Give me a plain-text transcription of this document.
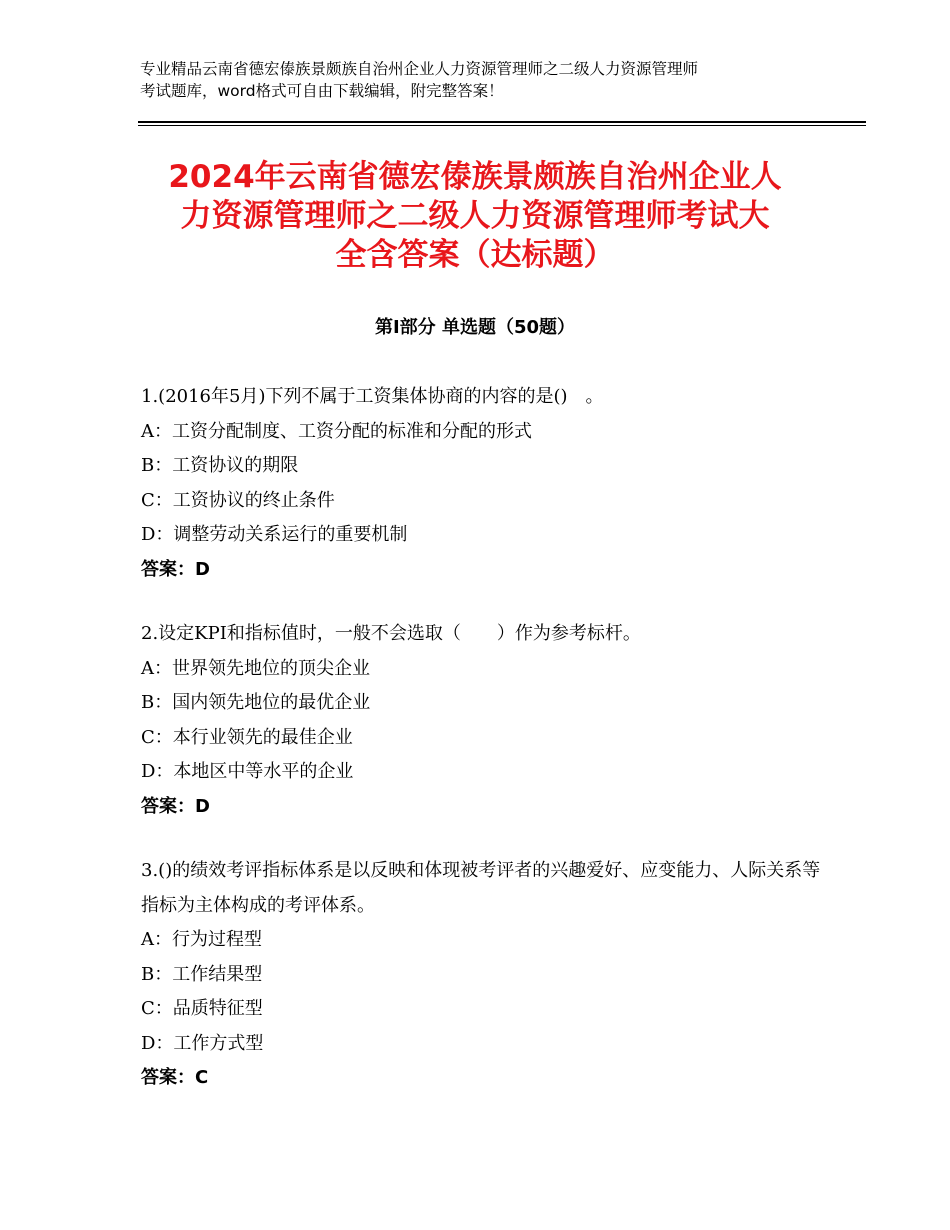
专业精品云南省德宏傣族景颇族自治州企业人力资源管理师之二级人力资源管理师
考试题库，word格式可自由下载编辑，附完整答案！
2024年云南省德宏傣族景颇族自治州企业人
力资源管理师之二级人力资源管理师考试大
全含答案（达标题）
第Ⅰ部分 单选题（50题）
1.(2016年5月)下列不属于工资集体协商的内容的是()　。
A：工资分配制度、工资分配的标准和分配的形式
B：工资协议的期限
C：工资协议的终止条件
D：调整劳动关系运行的重要机制
答案：D
2.设定KPI和指标值时，一般不会选取（　　）作为参考标杆。
A：世界领先地位的顶尖企业
B：国内领先地位的最优企业
C：本行业领先的最佳企业
D：本地区中等水平的企业
答案：D
3.()的绩效考评指标体系是以反映和体现被考评者的兴趣爱好、应变能力、人际关系等指标为主体构成的考评体系。
A：行为过程型
B：工作结果型
C：品质特征型
D：工作方式型
答案：C
